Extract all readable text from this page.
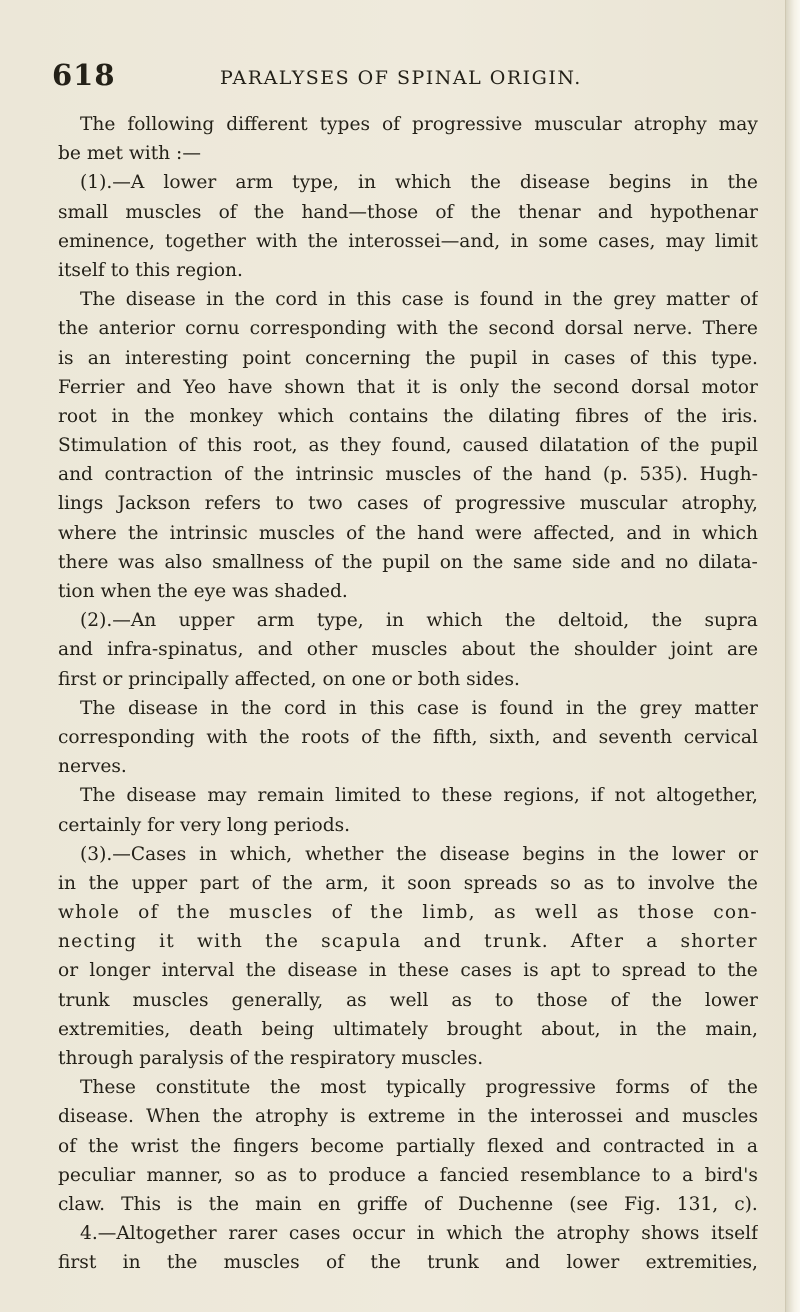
618	PARALYSES OF SPINAL ORIGIN.
The following different types of progressive muscular atrophy may
be met with :—
(1).—A lower arm type, in which the disease begins in the
small muscles of the hand—those of the thenar and hypothenar
eminence, together with the interossei—and, in some cases, may limit
itself to this region.
The disease in the cord in this case is found in the grey matter of
the anterior cornu corresponding with the second dorsal nerve. There
is an interesting point concerning the pupil in cases of this type.
Ferrier and Yeo have shown that it is only the second dorsal motor
root in the monkey which contains the dilating fibres of the iris.
Stimulation of this root, as they found, caused dilatation of the pupil
and contraction of the intrinsic muscles of the hand (p. 535). Hugh-
lings Jackson refers to two cases of progressive muscular atrophy,
where the intrinsic muscles of the hand were affected, and in which
there was also smallness of the pupil on the same side and no dilata-
tion when the eye was shaded.
(2).—An upper arm type, in which the deltoid, the supra
and infra-spinatus, and other muscles about the shoulder joint are
first or principally affected, on one or both sides.
The disease in the cord in this case is found in the grey matter
corresponding with the roots of the fifth, sixth, and seventh cervical
nerves.
The disease may remain limited to these regions, if not altogether,
certainly for very long periods.
(3).—Cases in which, whether the disease begins in the lower or
in the upper part of the arm, it soon spreads so as to involve the
whole of the muscles of the limb, as well as those con-
necting it with the scapula and trunk. After a shorter
or longer interval the disease in these cases is apt to spread to the
trunk muscles generally, as well as to those of the lower
extremities, death being ultimately brought about, in the main,
through paralysis of the respiratory muscles.
These constitute the most typically progressive forms of the
disease. When the atrophy is extreme in the interossei and muscles
of the wrist the fingers become partially flexed and contracted in a
peculiar manner, so as to produce a fancied resemblance to a bird's
claw. This is the main en griffe of Duchenne (see Fig. 131, c).
4.—Altogether rarer cases occur in which the atrophy shows itself
first in the muscles of the trunk and lower extremities,
